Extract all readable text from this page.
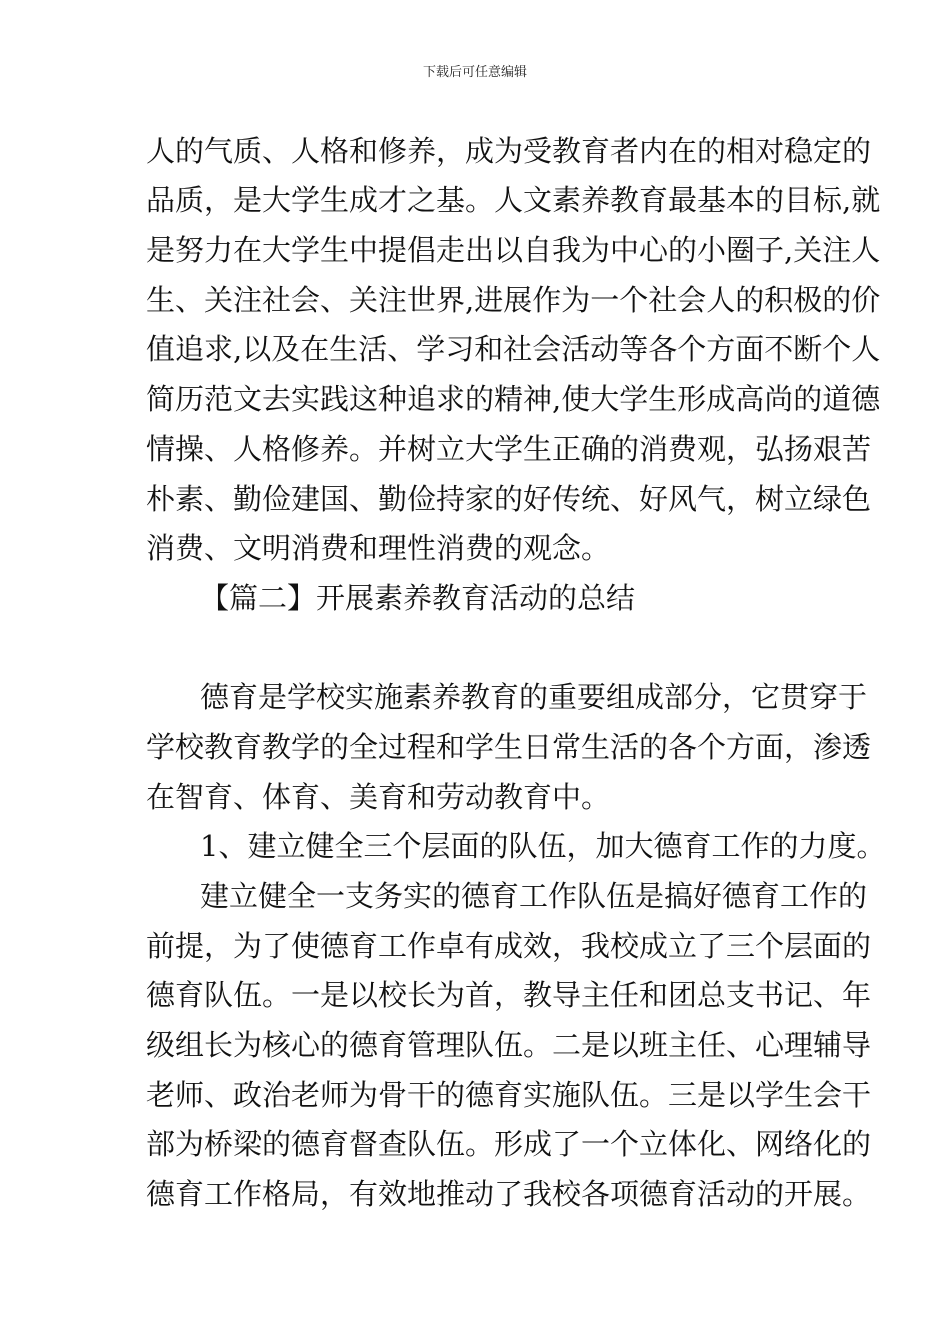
下载后可任意编辑
人的气质、人格和修养，成为受教育者内在的相对稳定的
品质，是大学生成才之基。人文素养教育最基本的目标,就
是努力在大学生中提倡走出以自我为中心的小圈子,关注人
生、关注社会、关注世界,进展作为一个社会人的积极的价
值追求,以及在生活、学习和社会活动等各个方面不断个人
简历范文去实践这种追求的精神,使大学生形成高尚的道德
情操、人格修养。并树立大学生正确的消费观，弘扬艰苦
朴素、勤俭建国、勤俭持家的好传统、好风气，树立绿色
消费、文明消费和理性消费的观念。
【篇二】开展素养教育活动的总结
德育是学校实施素养教育的重要组成部分，它贯穿于
学校教育教学的全过程和学生日常生活的各个方面，渗透
在智育、体育、美育和劳动教育中。
1、建立健全三个层面的队伍，加大德育工作的力度。
建立健全一支务实的德育工作队伍是搞好德育工作的
前提，为了使德育工作卓有成效，我校成立了三个层面的
德育队伍。一是以校长为首，教导主任和团总支书记、年
级组长为核心的德育管理队伍。二是以班主任、心理辅导
老师、政治老师为骨干的德育实施队伍。三是以学生会干
部为桥梁的德育督查队伍。形成了一个立体化、网络化的
德育工作格局，有效地推动了我校各项德育活动的开展。
